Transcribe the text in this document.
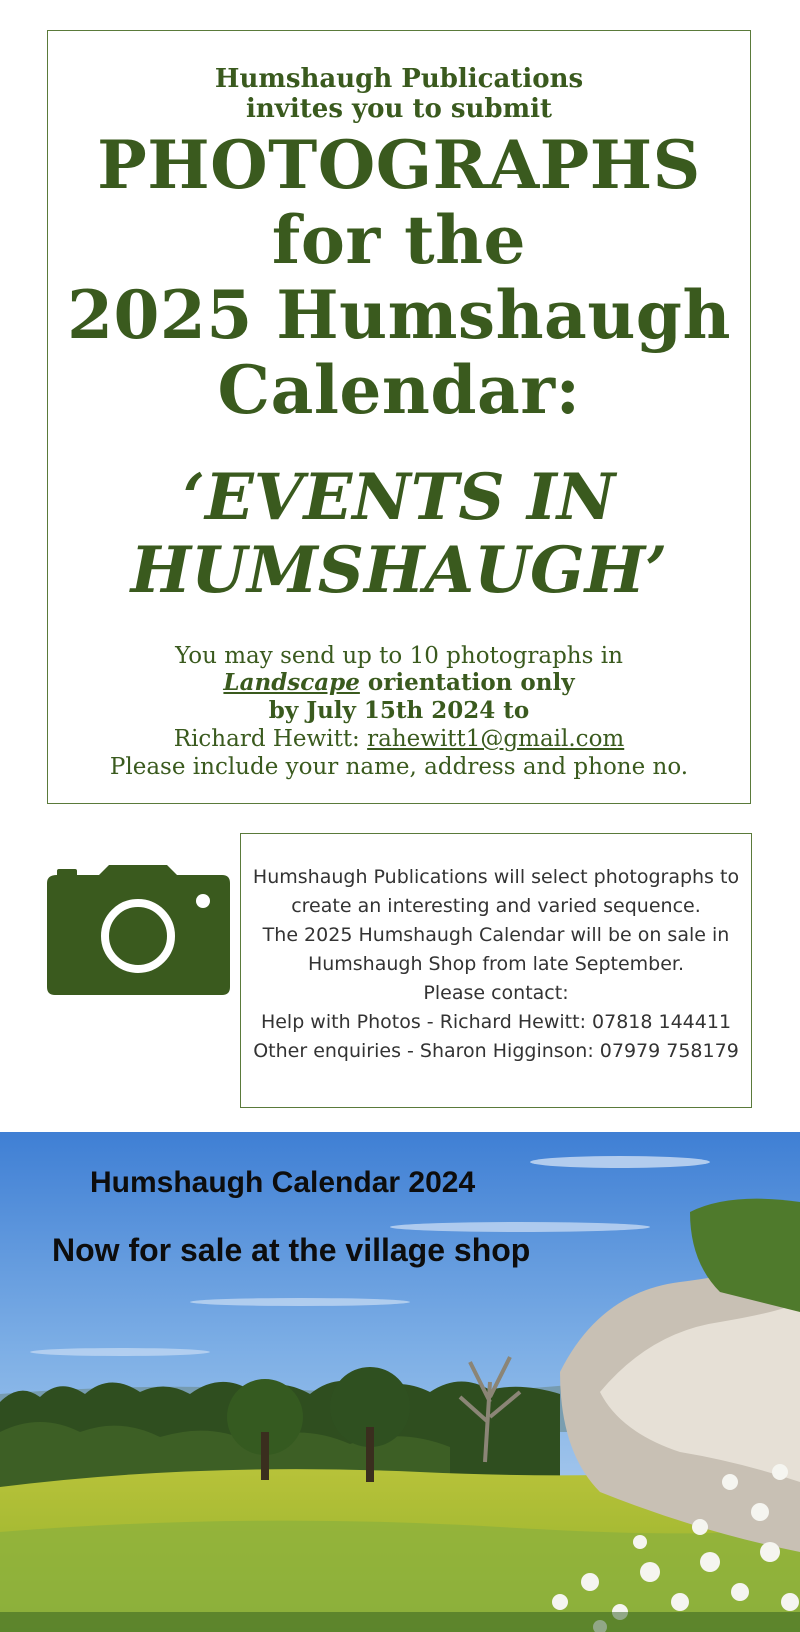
Humshaugh Publications
invites you to submit
PHOTOGRAPHS
for the
2025 Humshaugh
Calendar:
‘EVENTS IN
HUMSHAUGH’
You may send up to 10 photographs in
Landscape orientation only
by July 15th 2024 to
Richard Hewitt: rahewitt1@gmail.com
Please include your name, address and phone no.
Humshaugh Publications will select photographs to
create an interesting and varied sequence.
The 2025 Humshaugh Calendar will be on sale in
Humshaugh Shop from late September.
Please contact:
Help with Photos - Richard Hewitt: 07818 144411
Other enquiries - Sharon Higginson: 07979 758179
Humshaugh Calendar 2024
Now for sale at the village shop
